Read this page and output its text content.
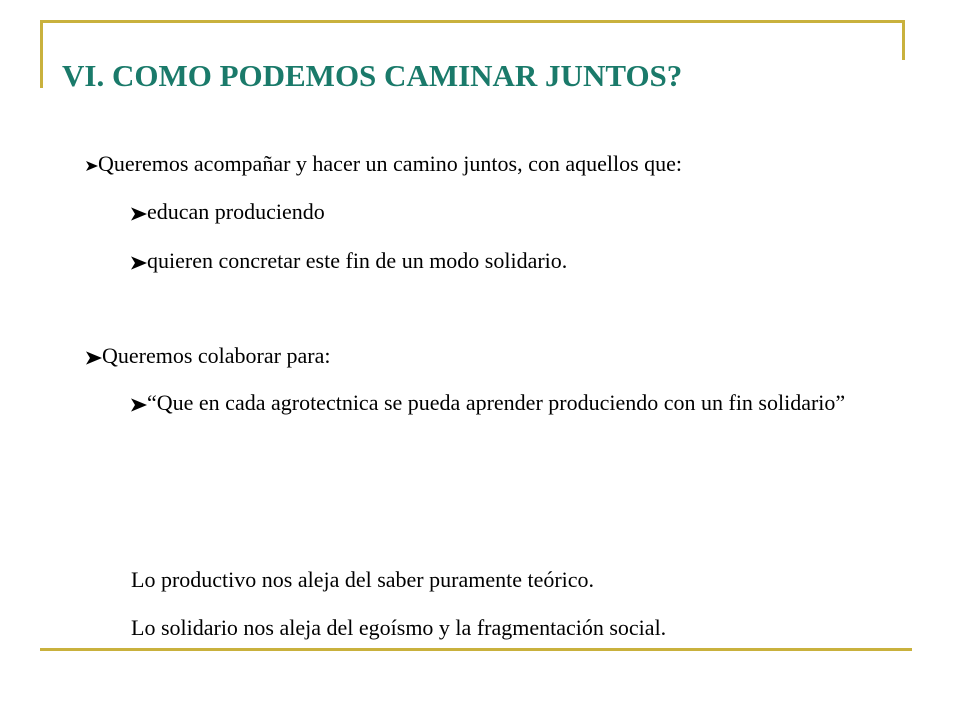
VI. COMO PODEMOS CAMINAR JUNTOS?
Queremos acompañar y hacer un camino juntos, con aquellos que:
educan produciendo
quieren concretar este fin de un modo solidario.
Queremos colaborar para:
“Que en cada agrotectnica se pueda aprender produciendo con un fin solidario”
Lo productivo nos aleja del saber puramente teórico.
Lo solidario nos aleja del egoísmo y la fragmentación social.
